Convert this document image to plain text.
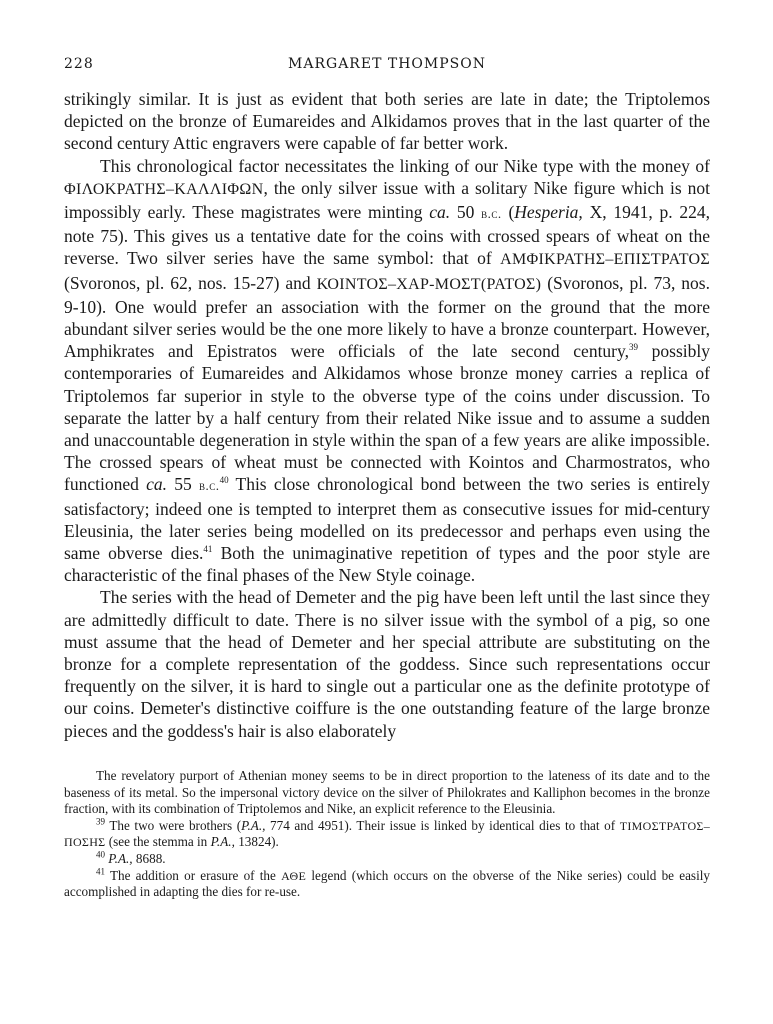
228	MARGARET THOMPSON

strikingly similar. It is just as evident that both series are late in date; the Triptolemos depicted on the bronze of Eumareides and Alkidamos proves that in the last quarter of the second century Attic engravers were capable of far better work.

This chronological factor necessitates the linking of our Nike type with the money of ΦΙΛΟΚΡΑΤΗΣ–ΚΑΛΛΙΦΩΝ, the only silver issue with a solitary Nike figure which is not impossibly early. These magistrates were minting ca. 50 b.c. (Hesperia, X, 1941, p. 224, note 75). This gives us a tentative date for the coins with crossed spears of wheat on the reverse. Two silver series have the same symbol: that of ΑΜΦΙΚΡΑΤΗΣ–ΕΠΙΣΤΡΑΤΟΣ (Svoronos, pl. 62, nos. 15-27) and ΚΟΙΝΤΟΣ–ΧΑΡ-ΜΟΣΤ(ΡΑΤΟΣ) (Svoronos, pl. 73, nos. 9-10). One would prefer an association with the former on the ground that the more abundant silver series would be the one more likely to have a bronze counterpart. However, Amphikrates and Epistratos were officials of the late second century,$^{39}$ possibly contemporaries of Eumareides and Alkidamos whose bronze money carries a replica of Triptolemos far superior in style to the obverse type of the coins under discussion. To separate the latter by a half century from their related Nike issue and to assume a sudden and unaccountable degeneration in style within the span of a few years are alike impossible. The crossed spears of wheat must be connected with Kointos and Charmostratos, who functioned ca. 55 b.c.$^{40}$ This close chronological bond between the two series is entirely satisfactory; indeed one is tempted to interpret them as consecutive issues for mid-century Eleusinia, the later series being modelled on its predecessor and perhaps even using the same obverse dies.$^{41}$ Both the unimaginative repetition of types and the poor style are characteristic of the final phases of the New Style coinage.

The series with the head of Demeter and the pig have been left until the last since they are admittedly difficult to date. There is no silver issue with the symbol of a pig, so one must assume that the head of Demeter and her special attribute are substituting on the bronze for a complete representation of the goddess. Since such representations occur frequently on the silver, it is hard to single out a particular one as the definite prototype of our coins. Demeter's distinctive coiffure is the one outstanding feature of the large bronze pieces and the goddess's hair is also elaborately

The revelatory purport of Athenian money seems to be in direct proportion to the lateness of its date and to the baseness of its metal. So the impersonal victory device on the silver of Philokrates and Kalliphon becomes in the bronze fraction, with its combination of Triptolemos and Nike, an explicit reference to the Eleusinia.

$^{39}$ The two were brothers (P.A., 774 and 4951). Their issue is linked by identical dies to that of ΤΙΜΟΣΤΡΑΤΟΣ–ΠΟΣΗΣ (see the stemma in P.A., 13824).

$^{40}$ P.A., 8688.

$^{41}$ The addition or erasure of the ΑΘΕ legend (which occurs on the obverse of the Nike series) could be easily accomplished in adapting the dies for re-use.
